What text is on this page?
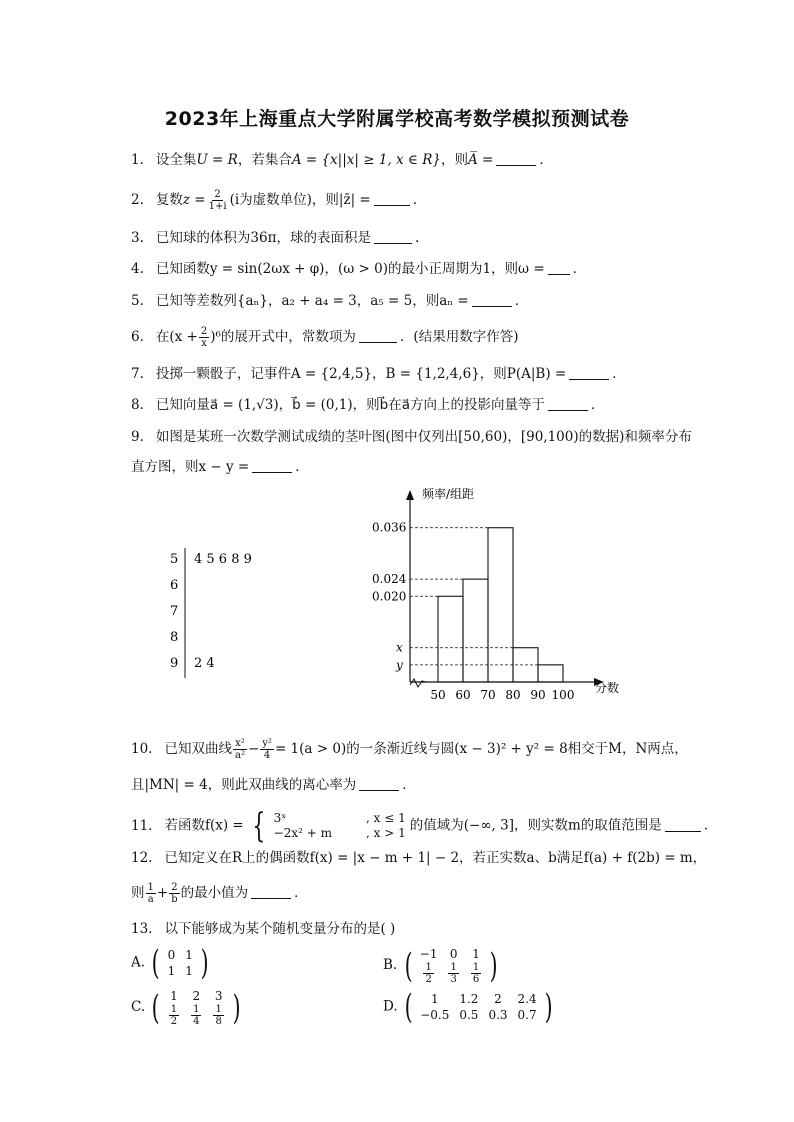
2023年上海重点大学附属学校高考数学模拟预测试卷
1. 设全集U = R，若集合A = {x||x| ≥ 1, x ∈ R}，则A̅ =	．
2. 复数$z = \frac{2}{1+i} (i$为虚数单位)，则|z̄| =	.
3. 已知球的体积为36π，球的表面积是	.
4. 已知函数y = sin(2ωx + φ)，(ω > 0)的最小正周期为1，则ω = ．
5. 已知等差数列{aₙ}，a₂ + a₄ = 3，a₅ = 5，则aₙ =	．
6. 在$(x + \frac{2}{x} )^6$的展开式中，常数项为	．(结果用数字作答)
7. 投掷一颗骰子，记事件A = {2,4,5}，B = {1,2,4,6}，则P(A|B) =	．
8. 已知向量a⃗ = (1,√3)，b⃗ = (0,1)，则b⃗在a⃗方向上的投影向量等于	．
9. 如图是某班一次数学测试成绩的茎叶图(图中仅列出[50,60)，[90,100)的数据)和频率分布
直方图，则x − y =	．
5 4 5 6 8 9
6
7
8
9 2 4
频率/组距
分数
0.036
0.024
0.020
x
y
50 60 70 80 90 100
10. 已知双曲线 $\frac{\text{x²}}{\text{a²}} - \frac{\text{y²}}{4} = 1(a > 0)$的一条渐近线与圆(x − 3)² + y² = 8相交于M，N两点，
且|MN| = 4，则此双曲线的离心率为	．
11. 若函数f(x) = { 3ˣ	, x ≤ 1
−2x² + m	, x > 1 的值域为(−∞, 3]，则实数m的取值范围是	.
12. 已知定义在R上的偶函数f(x) = |x − m + 1| − 2，若正实数a、b满足f(a) + f(2b) = m，
则 $\frac{1}{a} + \frac{2}{b}$ 的最小值为	．
13. 以下能够成为某个随机变量分布的是( )
A. ( 0	1
1	1 )	B. ( −1	0	1

$\frac{1}{2}$	$\frac{1}{3}$	$\frac{1}{6}$ )
C. ( 1	2	3

$\frac{1}{2}$	$\frac{1}{4}$	$\frac{1}{8}$ )	D. ( 1	1.2	2	2.4
−0.5	0.5	0.3	0.7 )
